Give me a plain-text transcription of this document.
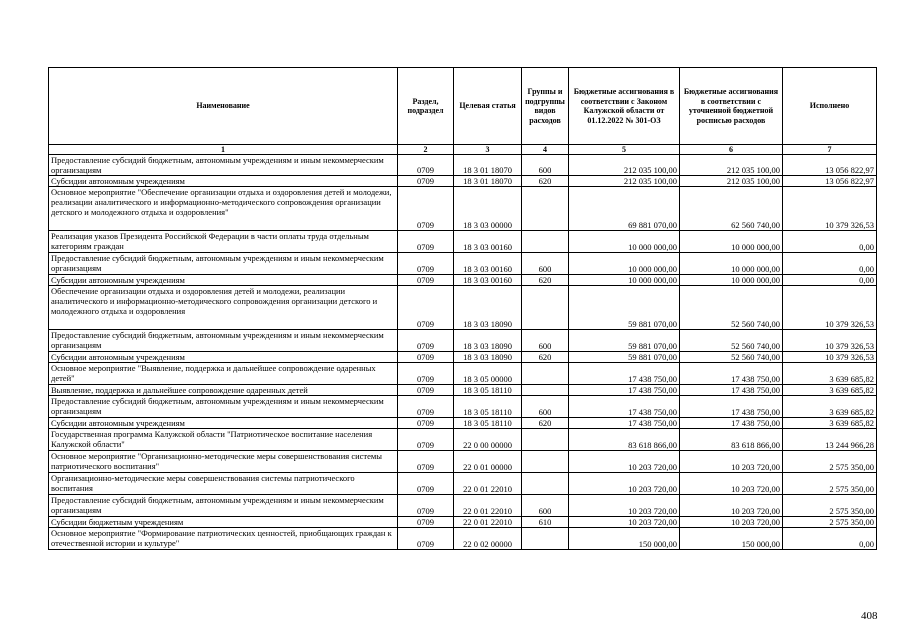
Наименование	Раздел, подраздел	Целевая статья	Группы и подгруппы видов расходов	Бюджетные ассигнования в соответствии с Законом Калужской области от 01.12.2022 № 301-ОЗ	Бюджетные ассигнования в соответствии с уточненной бюджетной росписью расходов	Исполнено
1	2	3	4	5	6	7
Предоставление субсидий бюджетным, автономным учреждениям и иным некоммерческим организациям	0709	18 3 01 18070	600	212 035 100,00	212 035 100,00	13 056 822,97
Субсидии автономным учреждениям	0709	18 3 01 18070	620	212 035 100,00	212 035 100,00	13 056 822,97
Основное мероприятие "Обеспечение организации отдыха и оздоровления детей и молодежи, реализации аналитического и информационно-методического сопровождения организации детского и молодежного отдыха и оздоровления"	0709	18 3 03 00000		69 881 070,00	62 560 740,00	10 379 326,53
Реализация указов Президента Российской Федерации в части оплаты труда отдельным категориям граждан	0709	18 3 03 00160		10 000 000,00	10 000 000,00	0,00
Предоставление субсидий бюджетным, автономным учреждениям и иным некоммерческим организациям	0709	18 3 03 00160	600	10 000 000,00	10 000 000,00	0,00
Субсидии автономным учреждениям	0709	18 3 03 00160	620	10 000 000,00	10 000 000,00	0,00
Обеспечение организации отдыха и оздоровления детей и молодежи, реализации аналитического и информационно-методического сопровождения организации детского и молодежного отдыха и оздоровления	0709	18 3 03 18090		59 881 070,00	52 560 740,00	10 379 326,53
Предоставление субсидий бюджетным, автономным учреждениям и иным некоммерческим организациям	0709	18 3 03 18090	600	59 881 070,00	52 560 740,00	10 379 326,53
Субсидии автономным учреждениям	0709	18 3 03 18090	620	59 881 070,00	52 560 740,00	10 379 326,53
Основное мероприятие "Выявление, поддержка и дальнейшее сопровождение одаренных детей"	0709	18 3 05 00000		17 438 750,00	17 438 750,00	3 639 685,82
Выявление, поддержка и дальнейшее сопровождение одаренных детей	0709	18 3 05 18110		17 438 750,00	17 438 750,00	3 639 685,82
Предоставление субсидий бюджетным, автономным учреждениям и иным некоммерческим организациям	0709	18 3 05 18110	600	17 438 750,00	17 438 750,00	3 639 685,82
Субсидии автономным учреждениям	0709	18 3 05 18110	620	17 438 750,00	17 438 750,00	3 639 685,82
Государственная программа Калужской области "Патриотическое воспитание населения Калужской области"	0709	22 0 00 00000		83 618 866,00	83 618 866,00	13 244 966,28
Основное мероприятие "Организационно-методические меры совершенствования системы патриотического воспитания"	0709	22 0 01 00000		10 203 720,00	10 203 720,00	2 575 350,00
Организационно-методические меры совершенствования системы патриотического воспитания	0709	22 0 01 22010		10 203 720,00	10 203 720,00	2 575 350,00
Предоставление субсидий бюджетным, автономным учреждениям и иным некоммерческим организациям	0709	22 0 01 22010	600	10 203 720,00	10 203 720,00	2 575 350,00
Субсидии бюджетным учреждениям	0709	22 0 01 22010	610	10 203 720,00	10 203 720,00	2 575 350,00
Основное мероприятие "Формирование патриотических ценностей, приобщающих граждан к отечественной истории и культуре"	0709	22 0 02 00000		150 000,00	150 000,00	0,00
408
